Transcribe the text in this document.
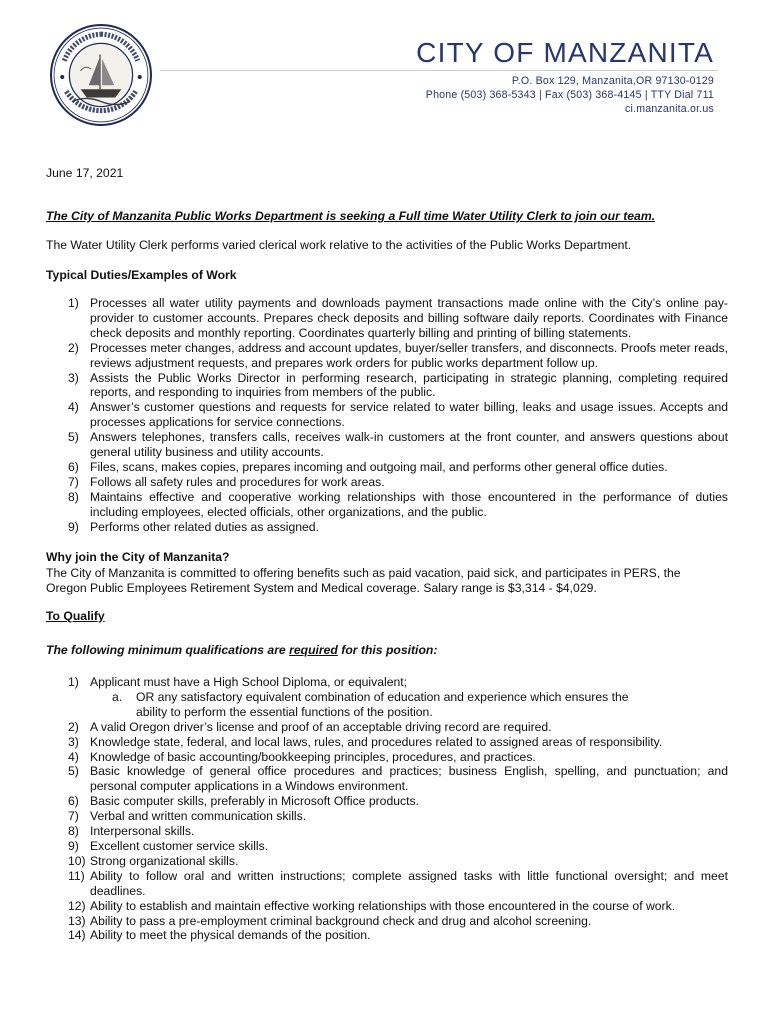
CITY OF MANZANITA
P.O. Box 129, Manzanita,OR 97130-0129
Phone (503) 368-5343 | Fax (503) 368-4145 | TTY Dial 711
ci.manzanita.or.us
June 17, 2021
The City of Manzanita Public Works Department is seeking a Full time Water Utility Clerk to join our team.
The Water Utility Clerk performs varied clerical work relative to the activities of the Public Works Department.
Typical Duties/Examples of Work
1) Processes all water utility payments and downloads payment transactions made online with the City’s online pay-provider to customer accounts. Prepares check deposits and billing software daily reports. Coordinates with Finance check deposits and monthly reporting. Coordinates quarterly billing and printing of billing statements.
2) Processes meter changes, address and account updates, buyer/seller transfers, and disconnects. Proofs meter reads, reviews adjustment requests, and prepares work orders for public works department follow up.
3) Assists the Public Works Director in performing research, participating in strategic planning, completing required reports, and responding to inquiries from members of the public.
4) Answer’s customer questions and requests for service related to water billing, leaks and usage issues. Accepts and processes applications for service connections.
5) Answers telephones, transfers calls, receives walk-in customers at the front counter, and answers questions about general utility business and utility accounts.
6) Files, scans, makes copies, prepares incoming and outgoing mail, and performs other general office duties.
7) Follows all safety rules and procedures for work areas.
8) Maintains effective and cooperative working relationships with those encountered in the performance of duties including employees, elected officials, other organizations, and the public.
9) Performs other related duties as assigned.
Why join the City of Manzanita?
The City of Manzanita is committed to offering benefits such as paid vacation, paid sick, and participates in PERS, the Oregon Public Employees Retirement System and Medical coverage. Salary range is $3,314 - $4,029.
To Qualify
The following minimum qualifications are required for this position:
1) Applicant must have a High School Diploma, or equivalent;
a. OR any satisfactory equivalent combination of education and experience which ensures the ability to perform the essential functions of the position.
2) A valid Oregon driver’s license and proof of an acceptable driving record are required.
3) Knowledge state, federal, and local laws, rules, and procedures related to assigned areas of responsibility.
4) Knowledge of basic accounting/bookkeeping principles, procedures, and practices.
5) Basic knowledge of general office procedures and practices; business English, spelling, and punctuation; and personal computer applications in a Windows environment.
6) Basic computer skills, preferably in Microsoft Office products.
7) Verbal and written communication skills.
8) Interpersonal skills.
9) Excellent customer service skills.
10) Strong organizational skills.
11) Ability to follow oral and written instructions; complete assigned tasks with little functional oversight; and meet deadlines.
12) Ability to establish and maintain effective working relationships with those encountered in the course of work.
13) Ability to pass a pre-employment criminal background check and drug and alcohol screening.
14) Ability to meet the physical demands of the position.
